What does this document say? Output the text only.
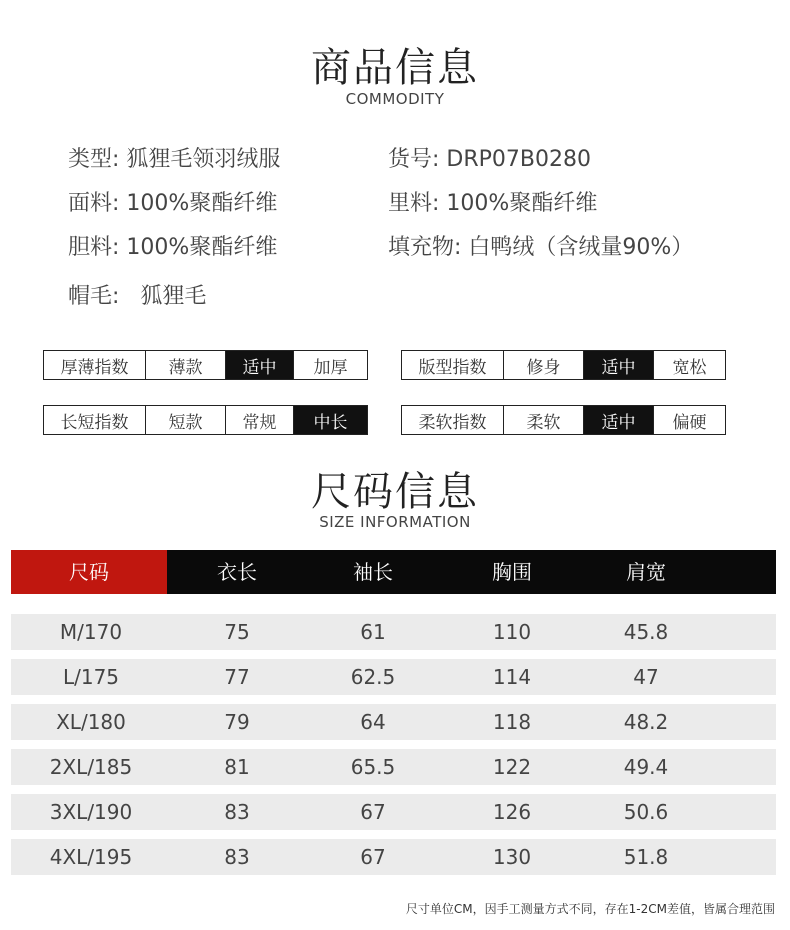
商品信息
COMMODITY
类型: 狐狸毛领羽绒服	货号: DRP07B0280
面料: 100%聚酯纤维	里料: 100%聚酯纤维
胆料: 100%聚酯纤维	填充物: 白鸭绒（含绒量90%）
帽毛: 狐狸毛
厚薄指数	薄款	适中	加厚	版型指数	修身	适中	宽松
长短指数	短款	常规	中长	柔软指数	柔软	适中	偏硬
尺码信息
SIZE INFORMATION
尺码	衣长	袖长	胸围	肩宽
M/170	75	61	110	45.8
L/175	77	62.5	114	47
XL/180	79	64	118	48.2
2XL/185	81	65.5	122	49.4
3XL/190	83	67	126	50.6
4XL/195	83	67	130	51.8
尺寸单位CM，因手工测量方式不同，存在1-2CM差值，皆属合理范围
